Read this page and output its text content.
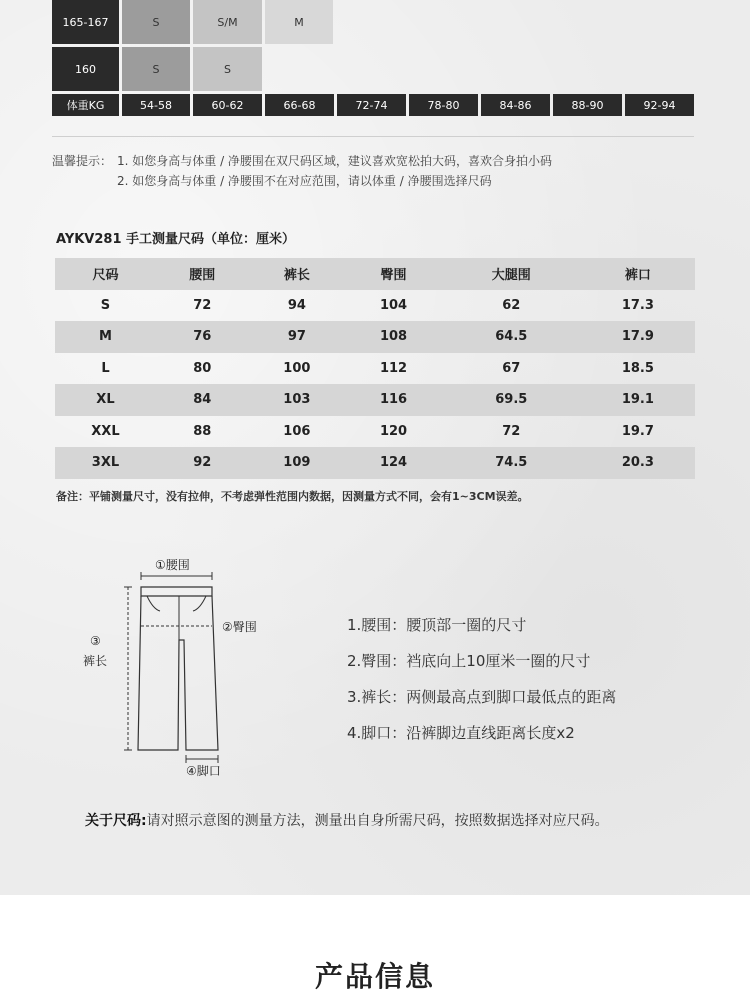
165-167	S	S/M	M
160	S	S
体重KG	54-58	60-62	66-68	72-74	78-80	84-86	88-90	92-94
温馨提示： 1. 如您身高与体重 / 净腰围在双尺码区域，建议喜欢宽松拍大码，喜欢合身拍小码
2. 如您身高与体重 / 净腰围不在对应范围，请以体重 / 净腰围选择尺码
AYKV281 手工测量尺码（单位：厘米）
尺码	腰围	裤长	臀围	大腿围	裤口
S	72	94	104	62	17.3
M	76	97	108	64.5	17.9
L	80	100	112	67	18.5
XL	84	103	116	69.5	19.1
XXL	88	106	120	72	19.7
3XL	92	109	124	74.5	20.3
备注：平铺测量尺寸，没有拉伸，不考虑弹性范围内数据，因测量方式不同，会有1~3CM误差。
①腰围
②臀围
③
裤长
④脚口
1.腰围：腰顶部一圈的尺寸
2.臀围：裆底向上10厘米一圈的尺寸
3.裤长：两侧最高点到脚口最低点的距离
4.脚口：沿裤脚边直线距离长度x2
关于尺码:请对照示意图的测量方法，测量出自身所需尺码，按照数据选择对应尺码。
产品信息
